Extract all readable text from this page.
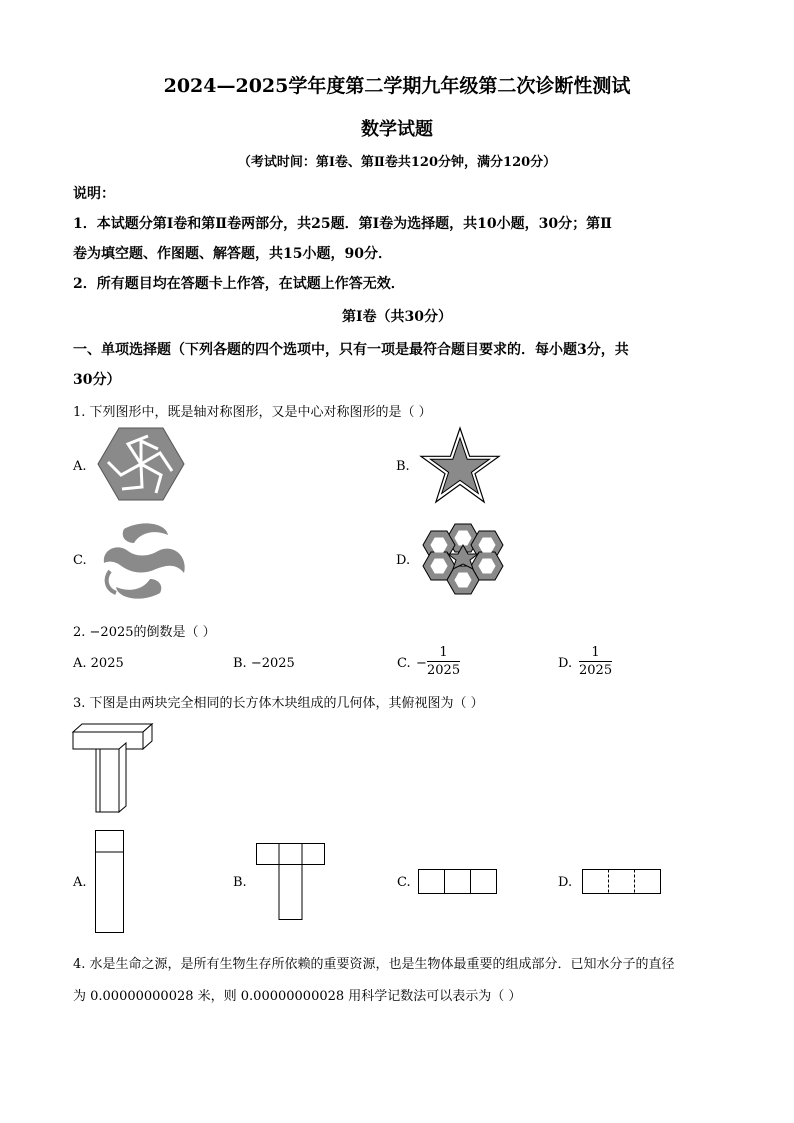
2024—2025学年度第二学期九年级第二次诊断性测试
数学试题
（考试时间：第Ⅰ卷、第Ⅱ卷共120分钟，满分120分）
说明：
1．本试题分第Ⅰ卷和第Ⅱ卷两部分，共25题．第Ⅰ卷为选择题，共10小题，30分；第Ⅱ
卷为填空题、作图题、解答题，共15小题，90分．
2．所有题目均在答题卡上作答，在试题上作答无效．
第Ⅰ卷（共30分）
一、单项选择题（下列各题的四个选项中，只有一项是最符合题目要求的．每小题3分，共
30分）
1. 下列图形中，既是轴对称图形，又是中心对称图形的是（ ）
A.	B.
C.	D.
2. −2025的倒数是（ ）
A. 2025	B. −2025	C. − $\frac{1}{2025}$	D. $\frac{1}{2025}$
3. 下图是由两块完全相同的长方体木块组成的几何体，其俯视图为（ ）
A.	B.	C.	D.
4. 水是生命之源，是所有生物生存所依赖的重要资源，也是生物体最重要的组成部分．已知水分子的直径
为 0.00000000028 米，则 0.00000000028 用科学记数法可以表示为（ ）
